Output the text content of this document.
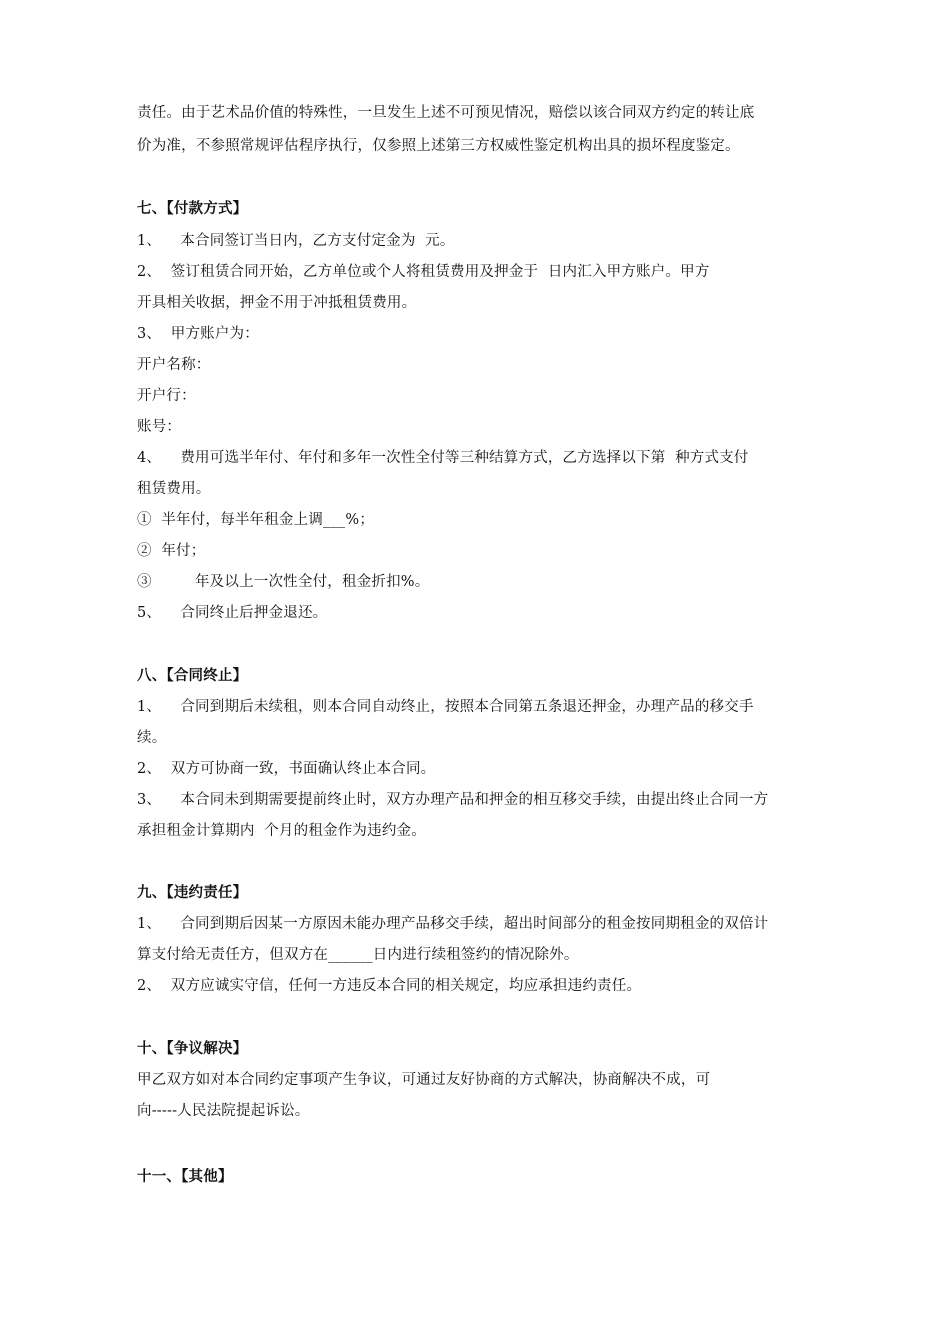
责任。由于艺术品价值的特殊性，一旦发生上述不可预见情况，赔偿以该合同双方约定的转让底
价为准，不参照常规评估程序执行，仅参照上述第三方权威性鉴定机构出具的损坏程度鉴定。
七、【付款方式】
1、    本合同签订当日内，乙方支付定金为  元。
2、  签订租赁合同开始，乙方单位或个人将租赁费用及押金于  日内汇入甲方账户。甲方
开具相关收据，押金不用于冲抵租赁费用。
3、  甲方账户为：
开户名称：
开户行：
账号：
4、    费用可选半年付、年付和多年一次性全付等三种结算方式，乙方选择以下第  种方式支付
租赁费用。
①  半年付，每半年租金上调___%；
②  年付；
③         年及以上一次性全付，租金折扣%。
5、    合同终止后押金退还。
八、【合同终止】
1、    合同到期后未续租，则本合同自动终止，按照本合同第五条退还押金，办理产品的移交手
续。
2、  双方可协商一致，书面确认终止本合同。
3、    本合同未到期需要提前终止时，双方办理产品和押金的相互移交手续，由提出终止合同一方
承担租金计算期内  个月的租金作为违约金。
九、【违约责任】
1、    合同到期后因某一方原因未能办理产品移交手续，超出时间部分的租金按同期租金的双倍计
算支付给无责任方，但双方在______日内进行续租签约的情况除外。
2、  双方应诚实守信，任何一方违反本合同的相关规定，均应承担违约责任。
十、【争议解决】
甲乙双方如对本合同约定事项产生争议，可通过友好协商的方式解决，协商解决不成，可
向-----人民法院提起诉讼。
十一、【其他】
